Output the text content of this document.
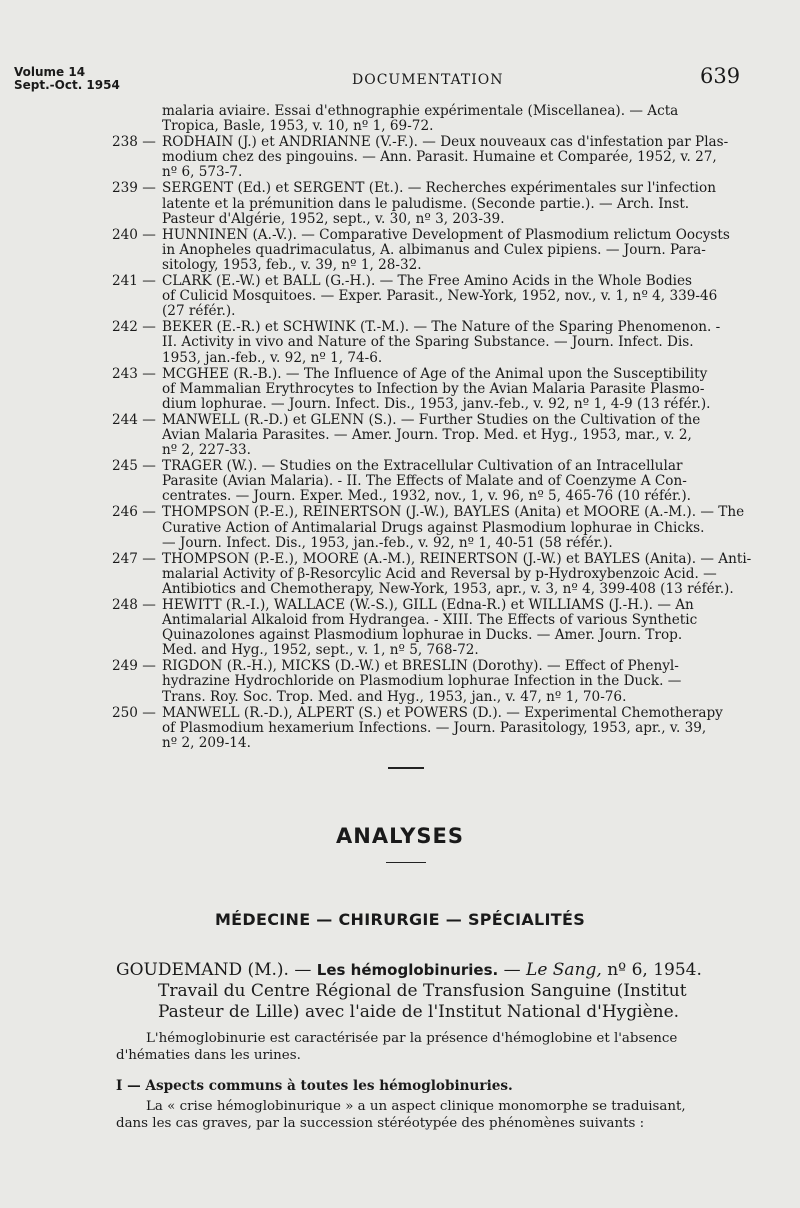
Volume 14
Sept.-Oct. 1954	DOCUMENTATION	639
malaria aviaire. Essai d'ethnographie expérimentale (Miscellanea). — Acta
Tropica, Basle, 1953, v. 10, nº 1, 69-72.
238 — RODHAIN (J.) et ANDRIANNE (V.-F.). — Deux nouveaux cas d'infestation par Plas-
modium chez des pingouins. — Ann. Parasit. Humaine et Comparée, 1952, v. 27,
nº 6, 573-7.
239 — SERGENT (Ed.) et SERGENT (Et.). — Recherches expérimentales sur l'infection
latente et la prémunition dans le paludisme. (Seconde partie.). — Arch. Inst.
Pasteur d'Algérie, 1952, sept., v. 30, nº 3, 203-39.
240 — HUNNINEN (A.-V.). — Comparative Development of Plasmodium relictum Oocysts
in Anopheles quadrimaculatus, A. albimanus and Culex pipiens. — Journ. Para-
sitology, 1953, feb., v. 39, nº 1, 28-32.
241 — CLARK (E.-W.) et BALL (G.-H.). — The Free Amino Acids in the Whole Bodies
of Culicid Mosquitoes. — Exper. Parasit., New-York, 1952, nov., v. 1, nº 4, 339-46
(27 référ.).
242 — BEKER (E.-R.) et SCHWINK (T.-M.). — The Nature of the Sparing Phenomenon. -
II. Activity in vivo and Nature of the Sparing Substance. — Journ. Infect. Dis.
1953, jan.-feb., v. 92, nº 1, 74-6.
243 — MCGHEE (R.-B.). — The Influence of Age of the Animal upon the Susceptibility
of Mammalian Erythrocytes to Infection by the Avian Malaria Parasite Plasmo-
dium lophurae. — Journ. Infect. Dis., 1953, janv.-feb., v. 92, nº 1, 4-9 (13 référ.).
244 — MANWELL (R.-D.) et GLENN (S.). — Further Studies on the Cultivation of the
Avian Malaria Parasites. — Amer. Journ. Trop. Med. et Hyg., 1953, mar., v. 2,
nº 2, 227-33.
245 — TRAGER (W.). — Studies on the Extracellular Cultivation of an Intracellular
Parasite (Avian Malaria). - II. The Effects of Malate and of Coenzyme A Con-
centrates. — Journ. Exper. Med., 1932, nov., 1, v. 96, nº 5, 465-76 (10 référ.).
246 — THOMPSON (P.-E.), REINERTSON (J.-W.), BAYLES (Anita) et MOORE (A.-M.). — The
Curative Action of Antimalarial Drugs against Plasmodium lophurae in Chicks.
— Journ. Infect. Dis., 1953, jan.-feb., v. 92, nº 1, 40-51 (58 référ.).
247 — THOMPSON (P.-E.), MOORE (A.-M.), REINERTSON (J.-W.) et BAYLES (Anita). — Anti-
malarial Activity of β-Resorcylic Acid and Reversal by p-Hydroxybenzoic Acid. —
Antibiotics and Chemotherapy, New-York, 1953, apr., v. 3, nº 4, 399-408 (13 référ.).
248 — HEWITT (R.-I.), WALLACE (W.-S.), GILL (Edna-R.) et WILLIAMS (J.-H.). — An
Antimalarial Alkaloid from Hydrangea. - XIII. The Effects of various Synthetic
Quinazolones against Plasmodium lophurae in Ducks. — Amer. Journ. Trop.
Med. and Hyg., 1952, sept., v. 1, nº 5, 768-72.
249 — RIGDON (R.-H.), MICKS (D.-W.) et BRESLIN (Dorothy). — Effect of Phenyl-
hydrazine Hydrochloride on Plasmodium lophurae Infection in the Duck. —
Trans. Roy. Soc. Trop. Med. and Hyg., 1953, jan., v. 47, nº 1, 70-76.
250 — MANWELL (R.-D.), ALPERT (S.) et POWERS (D.). — Experimental Chemotherapy
of Plasmodium hexamerium Infections. — Journ. Parasitology, 1953, apr., v. 39,
nº 2, 209-14.
ANALYSES
MÉDECINE — CHIRURGIE — SPÉCIALITÉS
GOUDEMAND (M.). — Les hémoglobinuries. — Le Sang, nº 6, 1954.
Travail du Centre Régional de Transfusion Sanguine (Institut
Pasteur de Lille) avec l'aide de l'Institut National d'Hygiène.
L'hémoglobinurie est caractérisée par la présence d'hémoglobine et l'absence
d'hématies dans les urines.
I — Aspects communs à toutes les hémoglobinuries.
La « crise hémoglobinurique » a un aspect clinique monomorphe se traduisant,
dans les cas graves, par la succession stéréotypée des phénomènes suivants :
